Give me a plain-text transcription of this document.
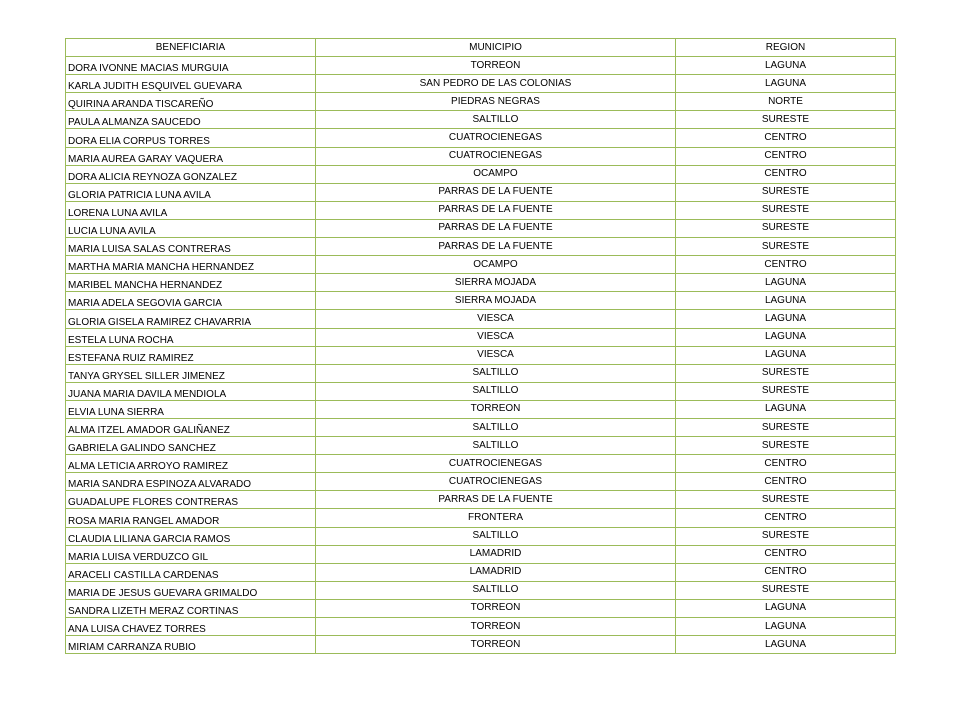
BENEFICIARIA	MUNICIPIO	REGION
DORA IVONNE MACIAS MURGUIA	TORREON	LAGUNA
KARLA JUDITH ESQUIVEL GUEVARA	SAN PEDRO DE LAS COLONIAS	LAGUNA
QUIRINA ARANDA TISCAREÑO	PIEDRAS NEGRAS	NORTE
PAULA ALMANZA SAUCEDO	SALTILLO	SURESTE
DORA ELIA CORPUS TORRES	CUATROCIENEGAS	CENTRO
MARIA AUREA GARAY VAQUERA	CUATROCIENEGAS	CENTRO
DORA ALICIA REYNOZA GONZALEZ	OCAMPO	CENTRO
GLORIA PATRICIA LUNA AVILA	PARRAS DE LA FUENTE	SURESTE
LORENA LUNA AVILA	PARRAS DE LA FUENTE	SURESTE
LUCIA LUNA AVILA	PARRAS DE LA FUENTE	SURESTE
MARIA LUISA SALAS CONTRERAS	PARRAS DE LA FUENTE	SURESTE
MARTHA MARIA MANCHA HERNANDEZ	OCAMPO	CENTRO
MARIBEL MANCHA HERNANDEZ	SIERRA MOJADA	LAGUNA
MARIA ADELA SEGOVIA GARCIA	SIERRA MOJADA	LAGUNA
GLORIA GISELA RAMIREZ CHAVARRIA	VIESCA	LAGUNA
ESTELA LUNA ROCHA	VIESCA	LAGUNA
ESTEFANA RUIZ RAMIREZ	VIESCA	LAGUNA
TANYA GRYSEL SILLER JIMENEZ	SALTILLO	SURESTE
JUANA MARIA DAVILA MENDIOLA	SALTILLO	SURESTE
ELVIA LUNA SIERRA	TORREON	LAGUNA
ALMA ITZEL AMADOR GALIÑANEZ	SALTILLO	SURESTE
GABRIELA GALINDO SANCHEZ	SALTILLO	SURESTE
ALMA LETICIA ARROYO RAMIREZ	CUATROCIENEGAS	CENTRO
MARIA SANDRA ESPINOZA ALVARADO	CUATROCIENEGAS	CENTRO
GUADALUPE FLORES CONTRERAS	PARRAS DE LA FUENTE	SURESTE
ROSA MARIA RANGEL AMADOR	FRONTERA	CENTRO
CLAUDIA LILIANA GARCIA RAMOS	SALTILLO	SURESTE
MARIA LUISA VERDUZCO GIL	LAMADRID	CENTRO
ARACELI CASTILLA CARDENAS	LAMADRID	CENTRO
MARIA DE JESUS GUEVARA GRIMALDO	SALTILLO	SURESTE
SANDRA LIZETH MERAZ CORTINAS	TORREON	LAGUNA
ANA LUISA CHAVEZ TORRES	TORREON	LAGUNA
MIRIAM CARRANZA RUBIO	TORREON	LAGUNA
